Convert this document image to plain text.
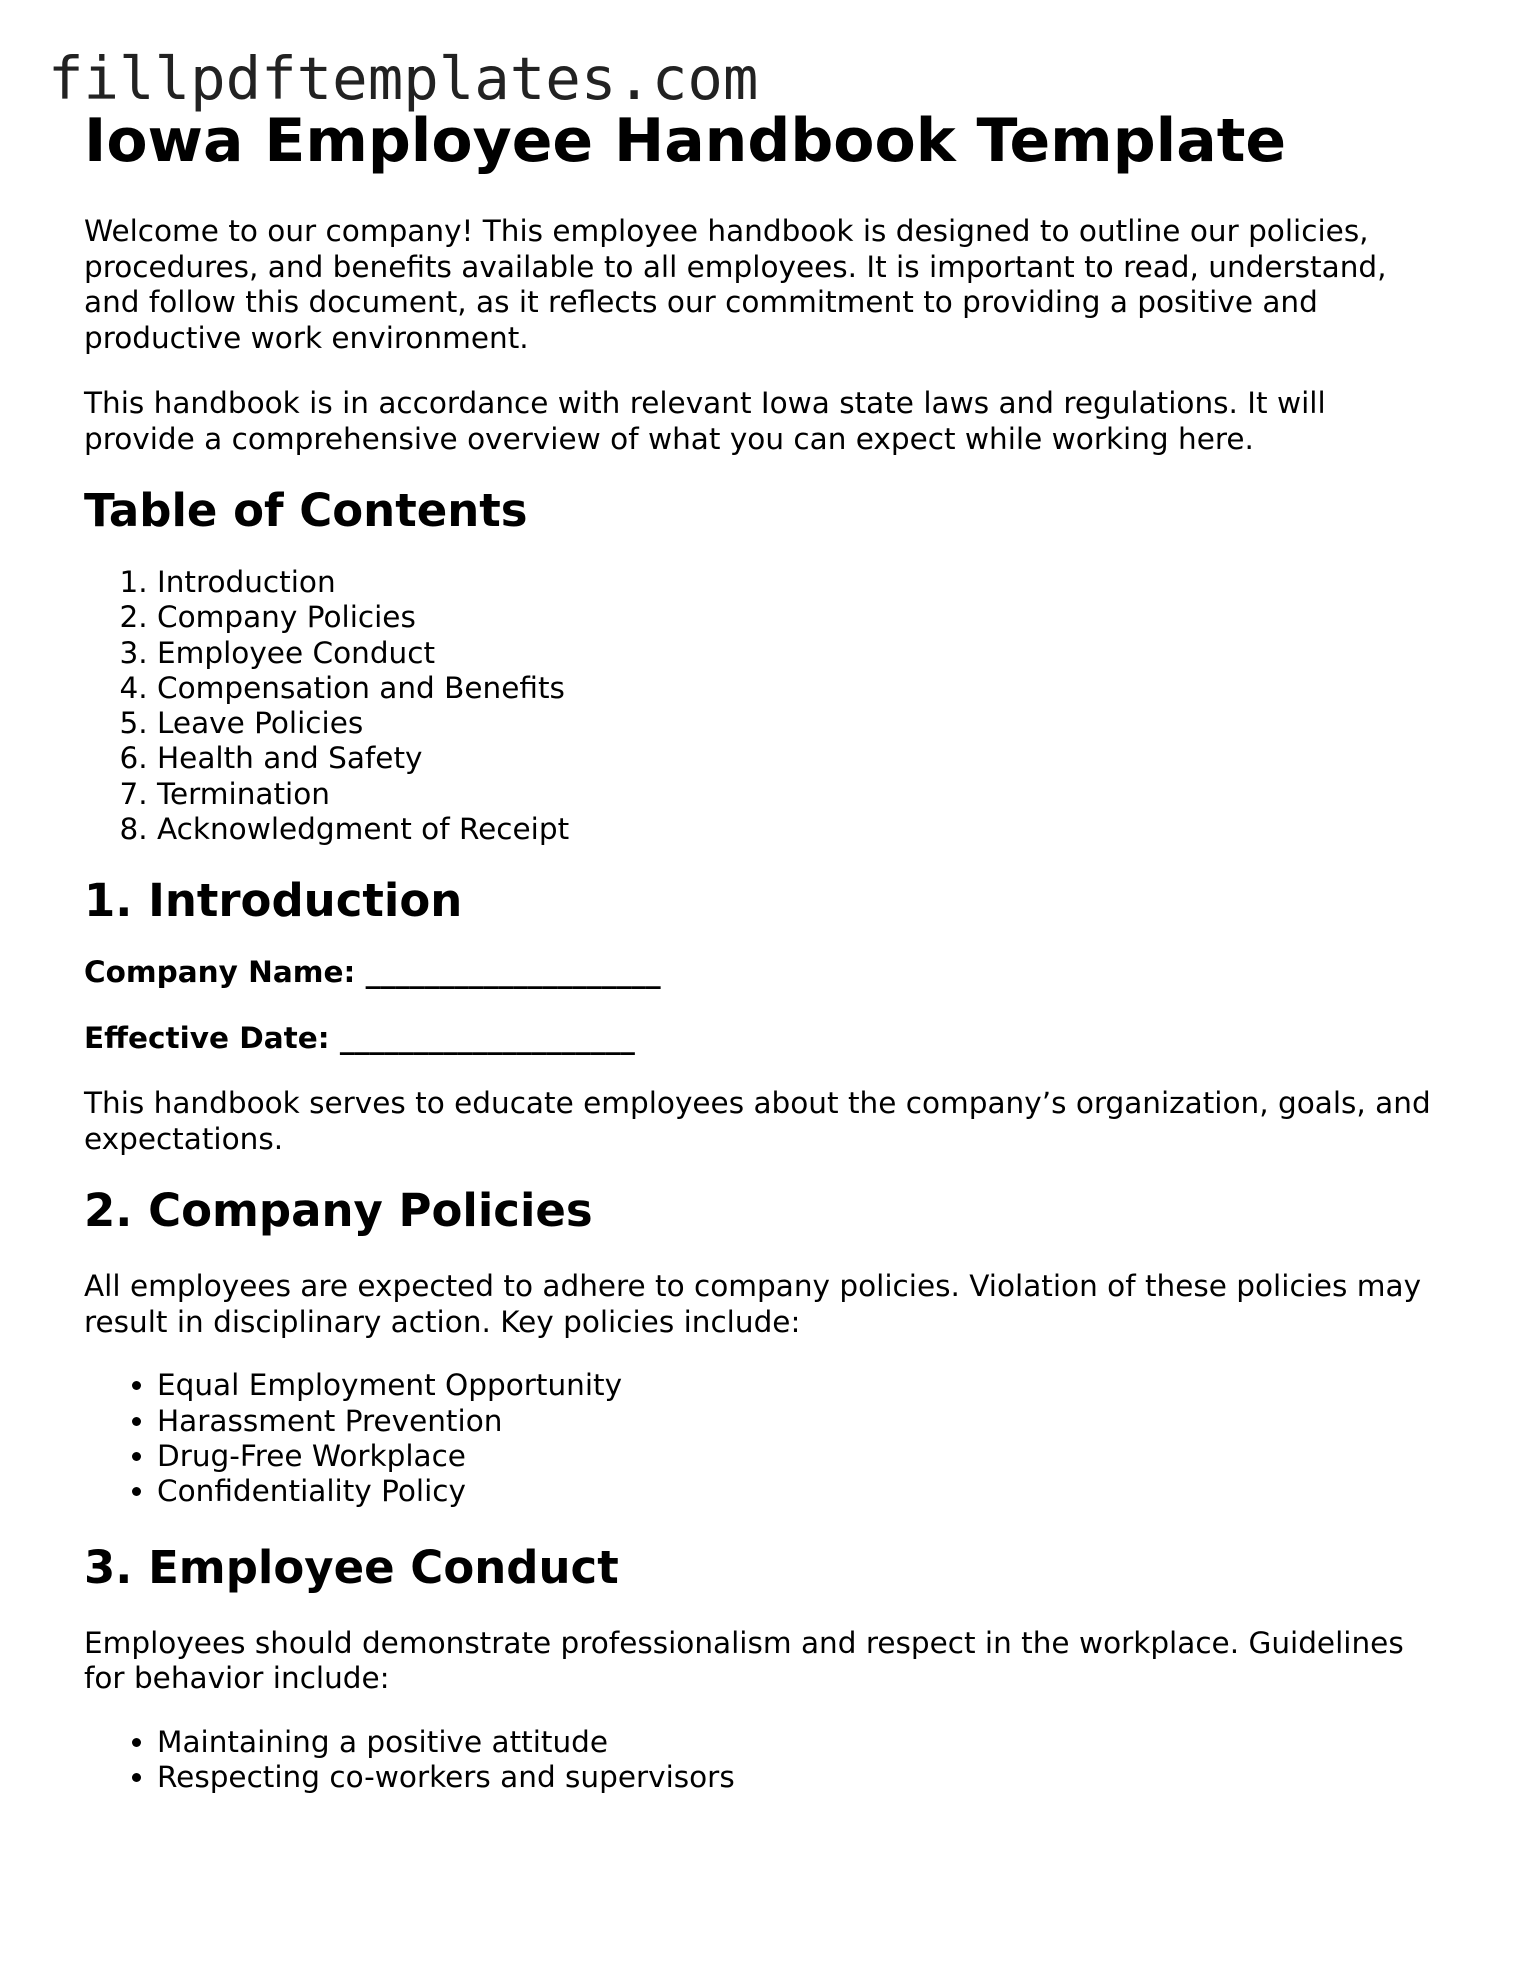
fillpdftemplates.com
Iowa Employee Handbook Template

Welcome to our company! This employee handbook is designed to outline our policies, procedures, and benefits available to all employees. It is important to read, understand, and follow this document, as it reflects our commitment to providing a positive and productive work environment.

This handbook is in accordance with relevant Iowa state laws and regulations. It will provide a comprehensive overview of what you can expect while working here.

Table of Contents
1. Introduction
2. Company Policies
3. Employee Conduct
4. Compensation and Benefits
5. Leave Policies
6. Health and Safety
7. Termination
8. Acknowledgment of Receipt
1. Introduction

Company Name: ____________________

Effective Date: ____________________

This handbook serves to educate employees about the company’s organization, goals, and expectations.

2. Company Policies

All employees are expected to adhere to company policies. Violation of these policies may result in disciplinary action. Key policies include:

• Equal Employment Opportunity
• Harassment Prevention
• Drug-Free Workplace
• Confidentiality Policy
3. Employee Conduct

Employees should demonstrate professionalism and respect in the workplace. Guidelines for behavior include:

• Maintaining a positive attitude
• Respecting co-workers and supervisors
